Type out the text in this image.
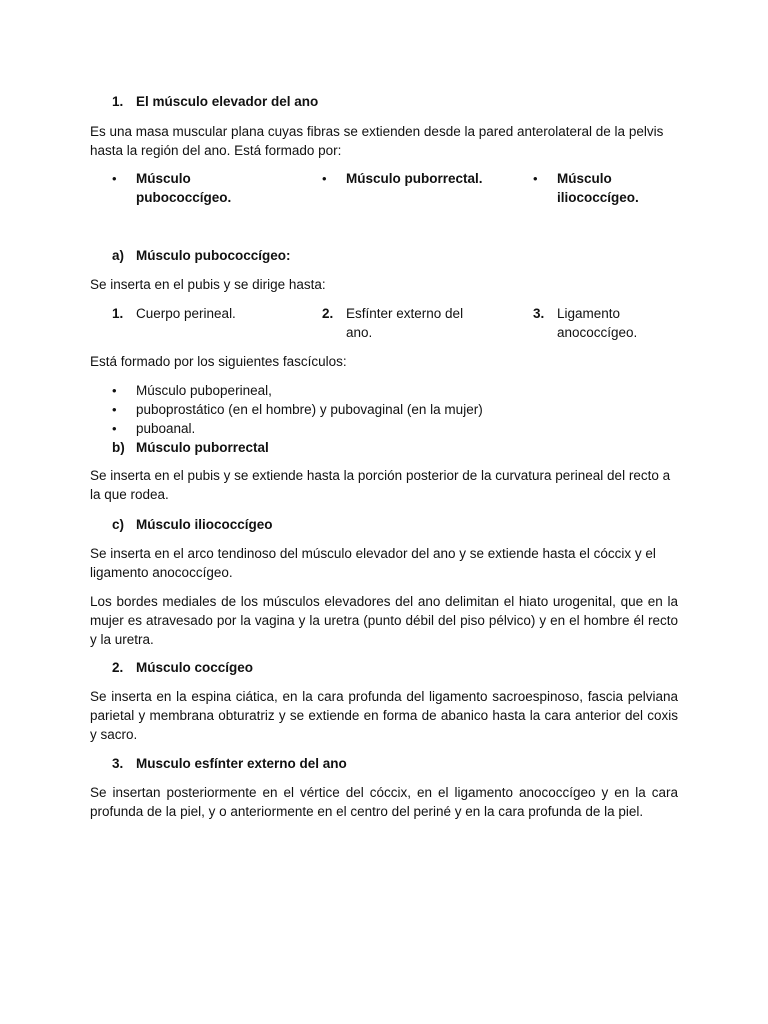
1. El músculo elevador del ano

Es una masa muscular plana cuyas fibras se extienden desde la pared anterolateral de la pelvis hasta la región del ano. Está formado por:

• Músculo pubococcígeo.
• Músculo puborrectal.	• Músculo iliococcígeo.
a) Músculo pubococcígeo:

Se inserta en el pubis y se dirige hasta:

1. Cuerpo perineal.	2. Esfínter externo del ano.
3. Ligamento anococcígeo.

Está formado por los siguientes fascículos:

• Músculo puboperineal,
• puboprostático (en el hombre) y pubovaginal (en la mujer)
• puboanal.
b) Músculo puborrectal

Se inserta en el pubis y se extiende hasta la porción posterior de la curvatura perineal del recto a la que rodea.

c) Músculo iliococcígeo

Se inserta en el arco tendinoso del músculo elevador del ano y se extiende hasta el cóccix y el ligamento anococcígeo.

Los bordes mediales de los músculos elevadores del ano delimitan el hiato urogenital, que en la mujer es atravesado por la vagina y la uretra (punto débil del piso pélvico) y en el hombre él recto y la uretra.

2. Músculo coccígeo

Se inserta en la espina ciática, en la cara profunda del ligamento sacroespinoso, fascia pelviana parietal y membrana obturatriz y se extiende en forma de abanico hasta la cara anterior del coxis y sacro.

3. Musculo esfínter externo del ano

Se insertan posteriormente en el vértice del cóccix, en el ligamento anococcígeo y en la cara profunda de la piel, y o anteriormente en el centro del periné y en la cara profunda de la piel.
